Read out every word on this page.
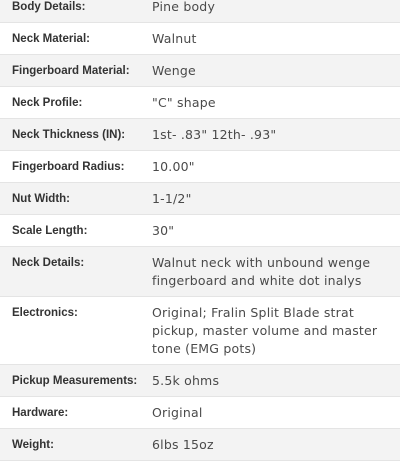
Body Details:	Pine body
Neck Material:	Walnut
Fingerboard Material: Wenge
Neck Profile:	"C" shape
Neck Thickness (IN): 1st- .83" 12th- .93"
Fingerboard Radius: 10.00"
Nut Width:	1-1/2"
Scale Length:	30"
Neck Details:	Walnut neck with unbound wenge fingerboard and white dot inalys
Electronics:	Original; Fralin Split Blade strat pickup, master volume and master tone (EMG pots)
Pickup Measurements: 5.5k ohms
Hardware:	Original
Weight:	6lbs 15oz
